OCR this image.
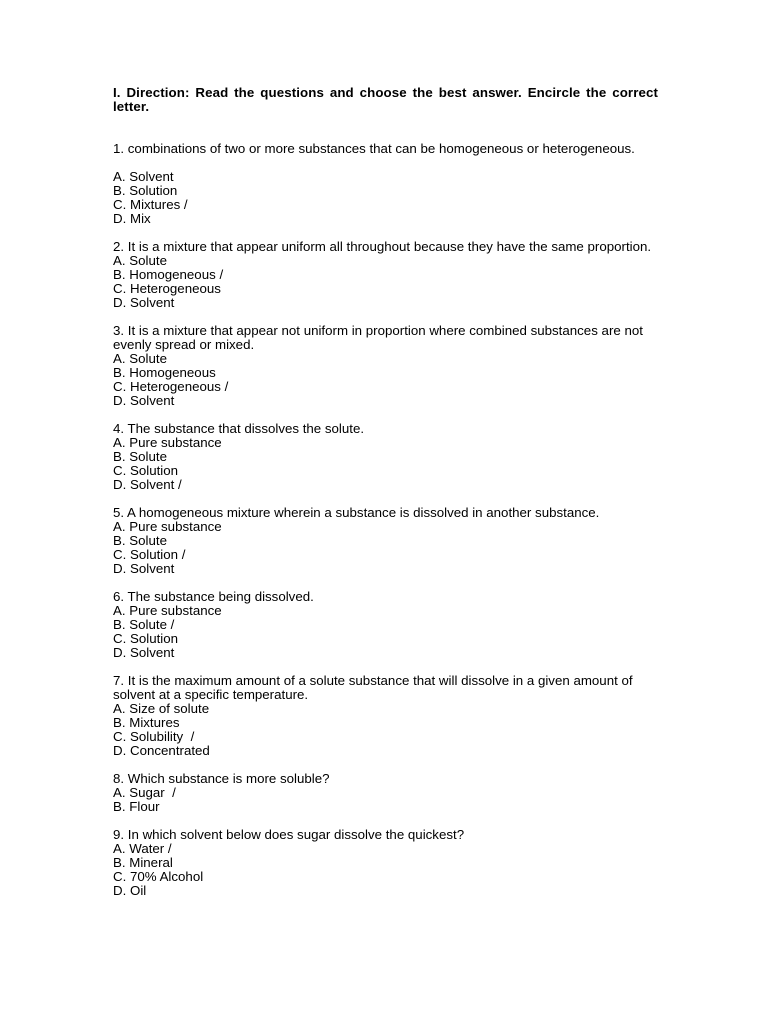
I. Direction: Read the questions and choose the best answer. Encircle the correct letter.

1. combinations of two or more substances that can be homogeneous or heterogeneous.

A. Solvent
B. Solution
C. Mixtures /
D. Mix

2. It is a mixture that appear uniform all throughout because they have the same proportion.

A. Solute
B. Homogeneous /
C. Heterogeneous
D. Solvent

3. It is a mixture that appear not uniform in proportion where combined substances are not evenly spread or mixed.

A. Solute
B. Homogeneous
C. Heterogeneous /
D. Solvent

4. The substance that dissolves the solute.

A. Pure substance
B. Solute
C. Solution
D. Solvent /

5. A homogeneous mixture wherein a substance is dissolved in another substance.

A. Pure substance
B. Solute
C. Solution /
D. Solvent

6. The substance being dissolved.

A. Pure substance
B. Solute /
C. Solution
D. Solvent

7. It is the maximum amount of a solute substance that will dissolve in a given amount of solvent at a specific temperature.

A. Size of solute
B. Mixtures
C. Solubility  /
D. Concentrated

8. Which substance is more soluble?

A. Sugar  /
B. Flour

9. In which solvent below does sugar dissolve the quickest?

A. Water /
B. Mineral
C. 70% Alcohol
D. Oil
